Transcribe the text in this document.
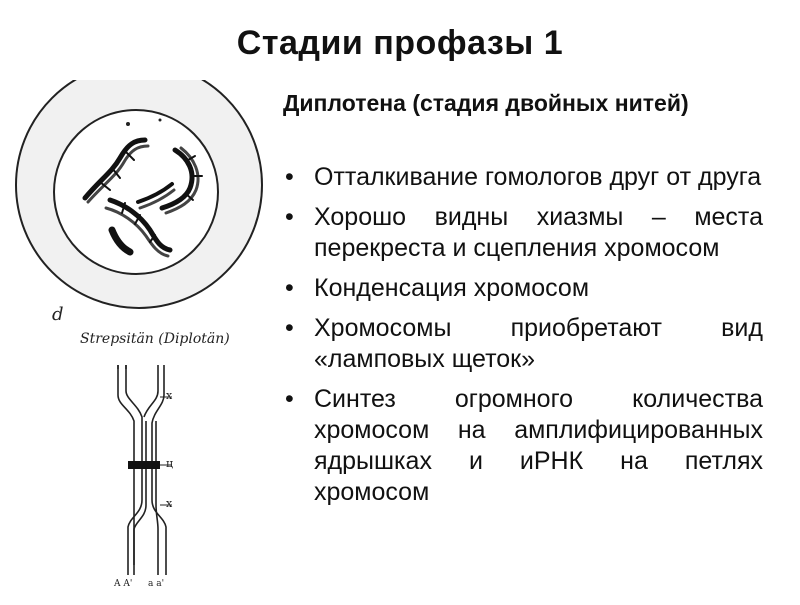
Стадии профазы 1
d
Strepsitän (Diplotän)
х
ц
х
A A' a a'
Диплотена (стадия двойных нитей)
• Отталкивание гомологов друг от друга
• Хорошо видны хиазмы – места перекреста и сцепления хромосом
• Конденсация хромосом
• Хромосомы приобретают вид «ламповых щеток»
• Синтез огромного количества хромосом на амплифицированных ядрышках и иРНК на петлях хромосом
